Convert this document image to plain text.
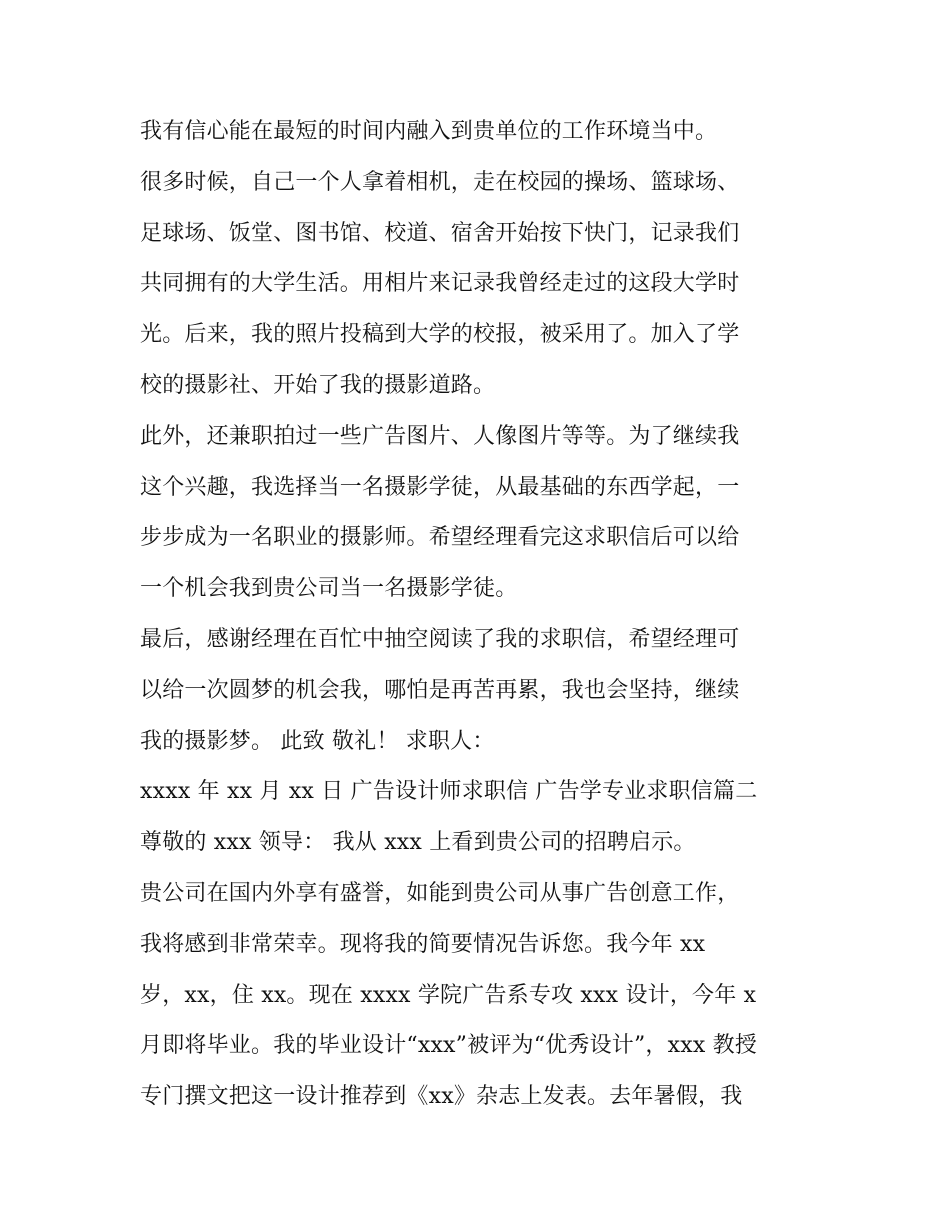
我有信心能在最短的时间内融入到贵单位的工作环境当中。
很多时候，自己一个人拿着相机，走在校园的操场、篮球场、
足球场、饭堂、图书馆、校道、宿舍开始按下快门，记录我们
共同拥有的大学生活。用相片来记录我曾经走过的这段大学时
光。后来，我的照片投稿到大学的校报，被采用了。加入了学
校的摄影社、开始了我的摄影道路。
此外，还兼职拍过一些广告图片、人像图片等等。为了继续我
这个兴趣，我选择当一名摄影学徒，从最基础的东西学起，一
步步成为一名职业的摄影师。希望经理看完这求职信后可以给
一个机会我到贵公司当一名摄影学徒。
最后，感谢经理在百忙中抽空阅读了我的求职信，希望经理可
以给一次圆梦的机会我，哪怕是再苦再累，我也会坚持，继续
我的摄影梦。 此致 敬礼！ 求职人：
xxxx 年 xx 月 xx 日 广告设计师求职信 广告学专业求职信篇二
尊敬的 xxx 领导： 我从 xxx 上看到贵公司的招聘启示。
贵公司在国内外享有盛誉，如能到贵公司从事广告创意工作，
我将感到非常荣幸。现将我的简要情况告诉您。我今年 xx
岁，xx，住 xx。现在 xxxx 学院广告系专攻 xxx 设计，今年 x
月即将毕业。我的毕业设计“xxx”被评为“优秀设计”，xxx 教授
专门撰文把这一设计推荐到《xx》杂志上发表。去年暑假，我
